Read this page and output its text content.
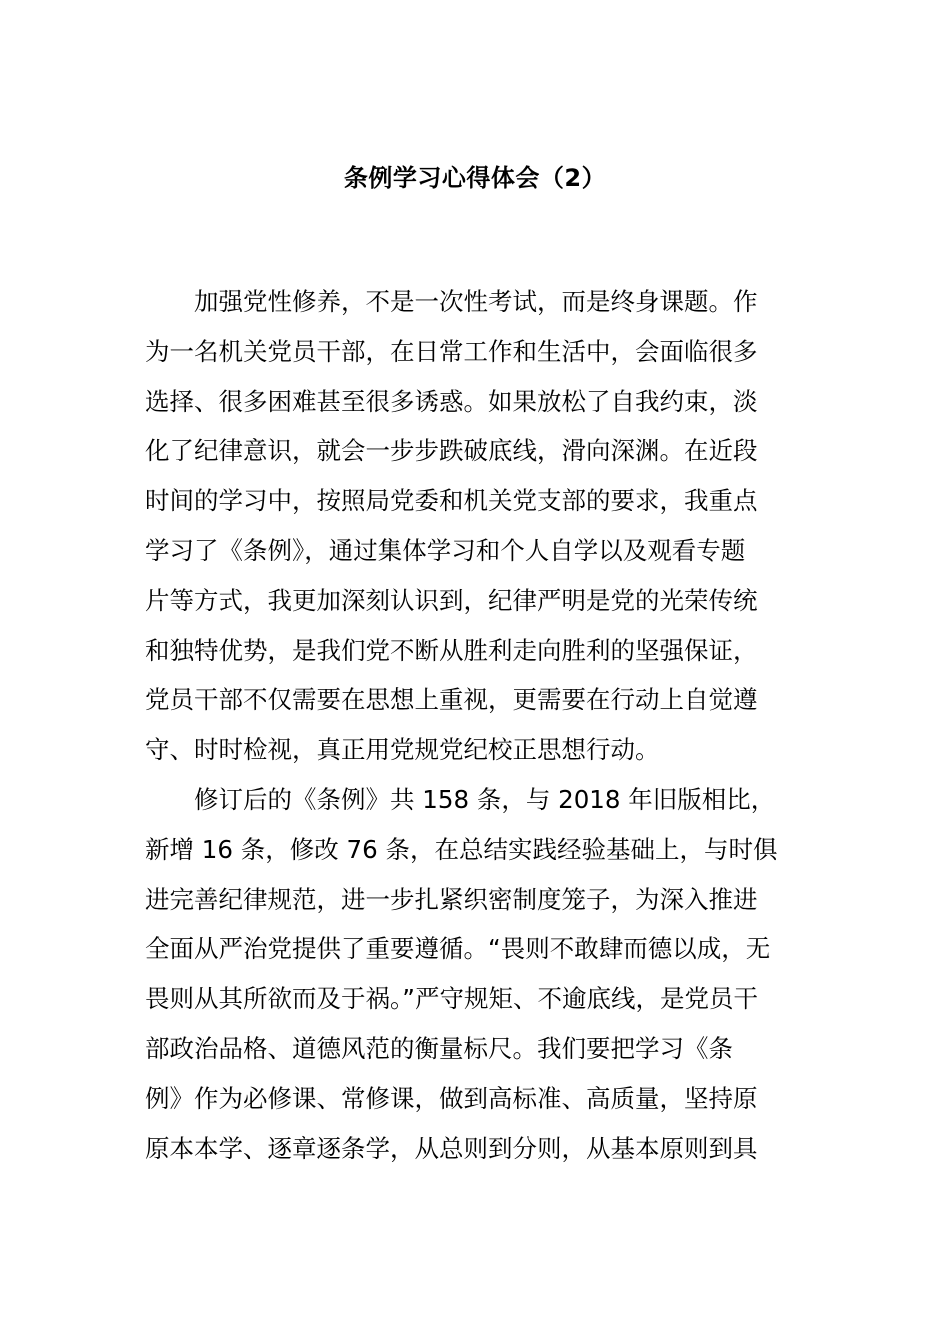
条例学习心得体会（2）
加强党性修养，不是一次性考试，而是终身课题。作
为一名机关党员干部，在日常工作和生活中，会面临很多
选择、很多困难甚至很多诱惑。如果放松了自我约束，淡
化了纪律意识，就会一步步跌破底线，滑向深渊。在近段
时间的学习中，按照局党委和机关党支部的要求，我重点
学习了《条例》，通过集体学习和个人自学以及观看专题
片等方式，我更加深刻认识到，纪律严明是党的光荣传统
和独特优势，是我们党不断从胜利走向胜利的坚强保证，
党员干部不仅需要在思想上重视，更需要在行动上自觉遵
守、时时检视，真正用党规党纪校正思想行动。
修订后的《条例》共 158 条，与 2018 年旧版相比，
新增 16 条，修改 76 条，在总结实践经验基础上，与时俱
进完善纪律规范，进一步扎紧织密制度笼子，为深入推进
全面从严治党提供了重要遵循。“畏则不敢肆而德以成，无
畏则从其所欲而及于祸。”严守规矩、不逾底线，是党员干
部政治品格、道德风范的衡量标尺。我们要把学习《条
例》作为必修课、常修课，做到高标准、高质量，坚持原
原本本学、逐章逐条学，从总则到分则，从基本原则到具
